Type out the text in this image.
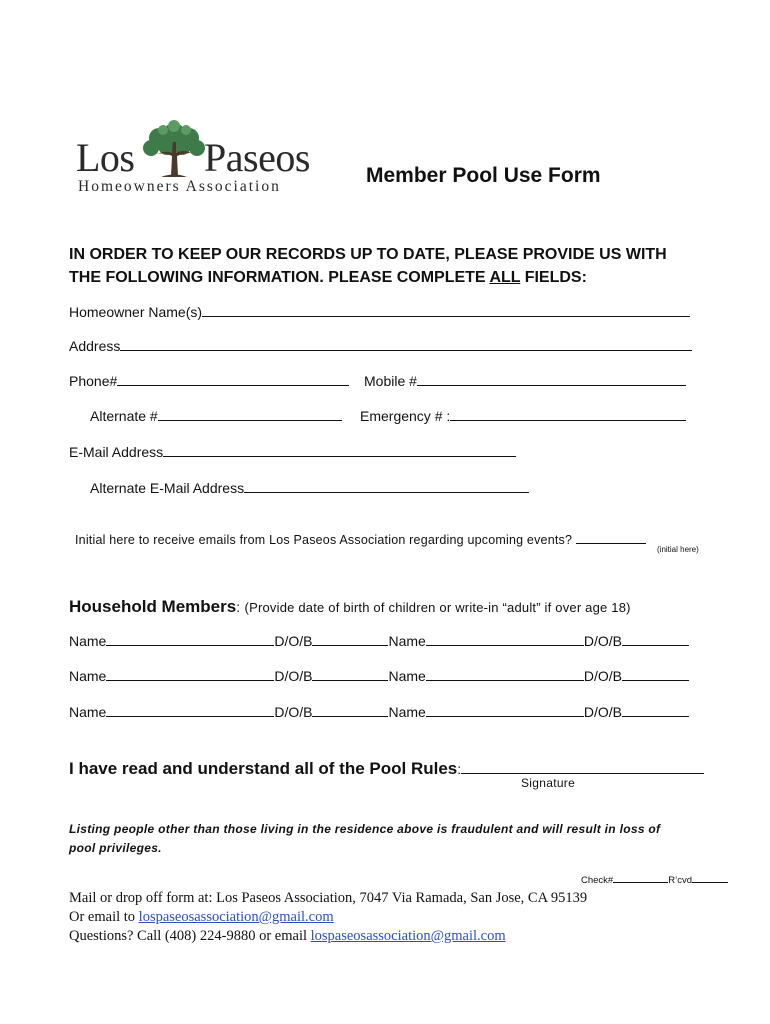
Los Paseos
Homeowners Association	Member Pool Use Form
IN ORDER TO KEEP OUR RECORDS UP TO DATE, PLEASE PROVIDE US WITH
THE FOLLOWING INFORMATION. PLEASE COMPLETE ALL FIELDS:
Homeowner Name(s)
Address
Phone#	Mobile #
Alternate #	Emergency # :
E-Mail Address
Alternate E-Mail Address
Initial here to receive emails from Los Paseos Association regarding upcoming events?
(initial here)
Household Members: (Provide date of birth of children or write-in “adult” if over age 18)
Name	D/O/B	Name	D/O/B
Name	D/O/B	Name	D/O/B
Name	D/O/B	Name	D/O/B
I have read and understand all of the Pool Rules:
Signature
Listing people other than those living in the residence above is fraudulent and will result in loss of
pool privileges.
Check#	R’cvd
Mail or drop off form at: Los Paseos Association, 7047 Via Ramada, San Jose, CA 95139
Or email to lospaseosassociation@gmail.com
Questions? Call (408) 224-9880 or email lospaseosassociation@gmail.com
